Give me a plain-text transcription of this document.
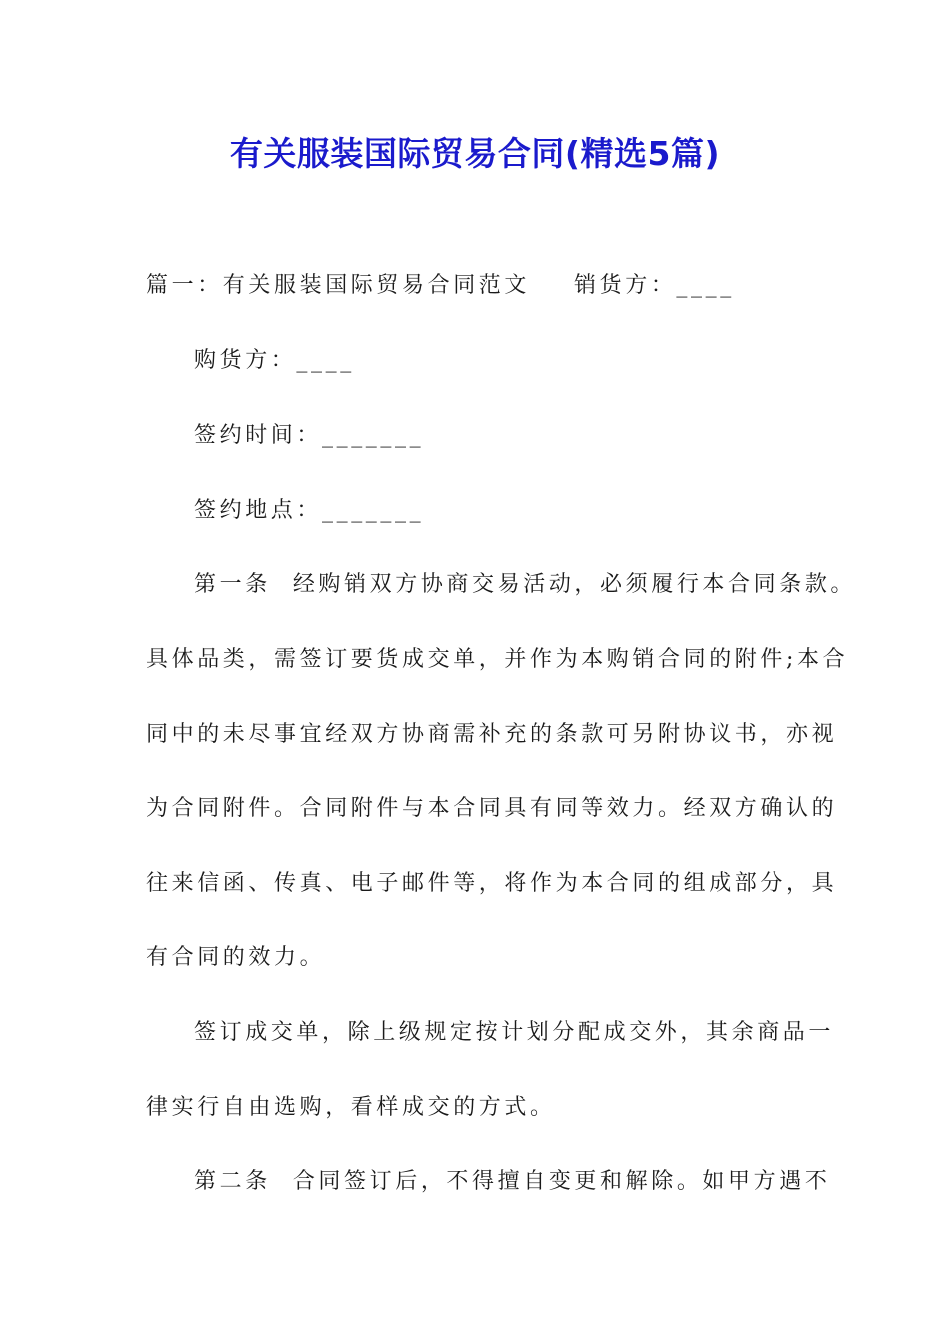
有关服装国际贸易合同(精选5篇)
篇一：有关服装国际贸易合同范文 销货方：____
购货方：____
签约时间：_______
签约地点：_______
第一条 经购销双方协商交易活动，必须履行本合同条款。
具体品类，需签订要货成交单，并作为本购销合同的附件;本合
同中的未尽事宜经双方协商需补充的条款可另附协议书，亦视
为合同附件。合同附件与本合同具有同等效力。经双方确认的
往来信函、传真、电子邮件等，将作为本合同的组成部分，具
有合同的效力。
签订成交单，除上级规定按计划分配成交外，其余商品一
律实行自由选购，看样成交的方式。
第二条 合同签订后，不得擅自变更和解除。如甲方遇不
